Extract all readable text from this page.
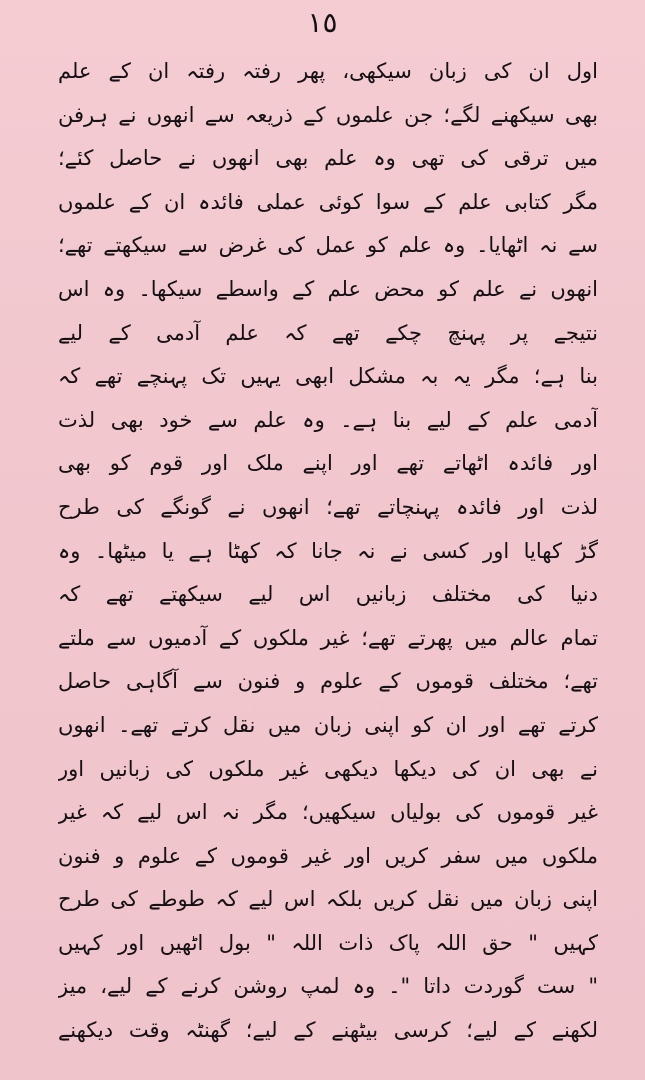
١٥
اول ان کی زبان سیکھی، پھر رفتہ رفتہ ان کے علم
بھی سیکھنے لگے؛ جن علموں کے ذریعہ سے انھوں نے ہرفن
میں ترقی کی تھی وہ علم بھی انھوں نے حاصل کئے؛
مگر کتابی علم کے سوا کوئی عملی فائدہ ان کے علموں
سے نہ اٹھایا۔ وہ علم کو عمل کی غرض سے سیکھتے تھے؛
انھوں نے علم کو محض علم کے واسطے سیکھا۔ وہ اس
نتیجے پر پہنچ چکے تھے کہ علم آدمی کے لیے
بنا ہے؛ مگر یہ بہ مشکل ابھی یہیں تک پہنچے تھے کہ
آدمی علم کے لیے بنا ہے۔ وہ علم سے خود بھی لذت
اور فائدہ اٹھاتے تھے اور اپنے ملک اور قوم کو بھی
لذت اور فائدہ پہنچاتے تھے؛ انھوں نے گونگے کی طرح
گڑ کھایا اور کسی نے نہ جانا کہ کھٹا ہے یا میٹھا۔ وہ
دنیا کی مختلف زبانیں اس لیے سیکھتے تھے کہ
تمام عالم میں پھرتے تھے؛ غیر ملکوں کے آدمیوں سے ملتے
تھے؛ مختلف قوموں کے علوم و فنون سے آگاہی حاصل
کرتے تھے اور ان کو اپنی زبان میں نقل کرتے تھے۔ انھوں
نے بھی ان کی دیکھا دیکھی غیر ملکوں کی زبانیں اور
غیر قوموں کی بولیاں سیکھیں؛ مگر نہ اس لیے کہ غیر
ملکوں میں سفر کریں اور غیر قوموں کے علوم و فنون
اپنی زبان میں نقل کریں بلکہ اس لیے کہ طوطے کی طرح
کہیں " حق اللہ پاک ذات اللہ " بول اٹھیں اور کہیں
" ست گوردت داتا "۔ وہ لمپ روشن کرنے کے لیے، میز
لکھنے کے لیے؛ کرسی بیٹھنے کے لیے؛ گھنٹہ وقت دیکھنے
